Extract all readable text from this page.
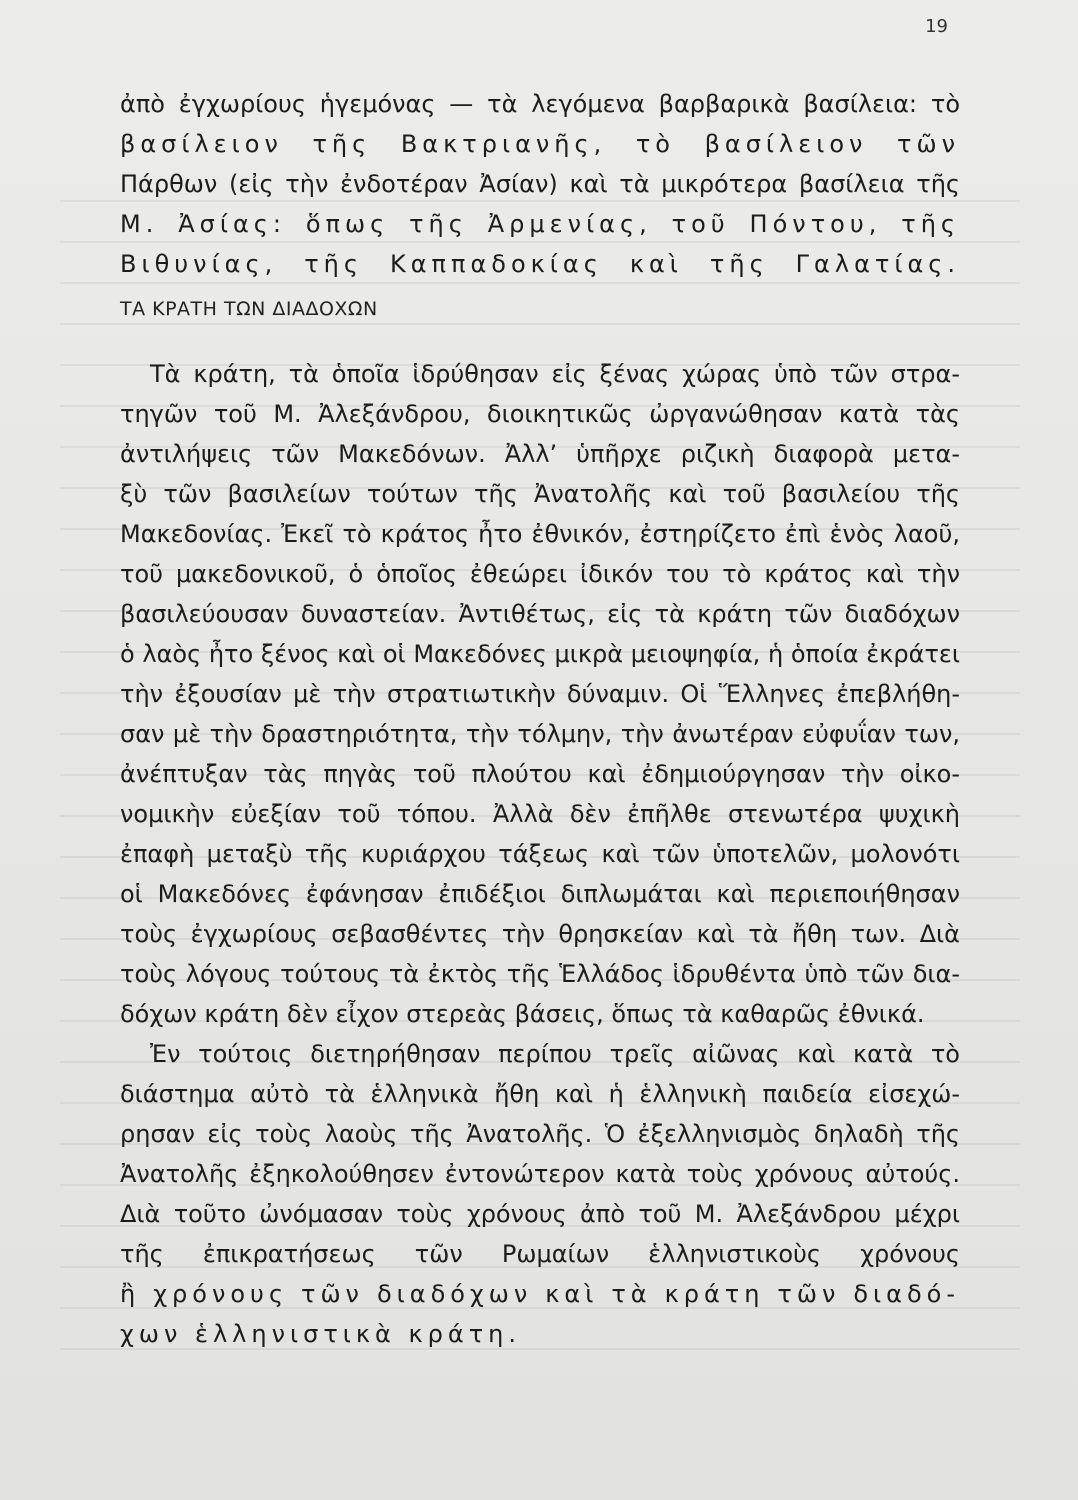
19
ἀπὸ ἐγχωρίους ἡγεμόνας — τὰ λεγόμενα βαρβαρικὰ βασίλεια: τὸ
βασίλειον τῆς Βακτριανῆς, τὸ βασίλειον τῶν
Πάρθων (εἰς τὴν ἐνδοτέραν Ἀσίαν) καὶ τὰ μικρότερα βασίλεια τῆς
Μ. Ἀσίας: ὅπως τῆς Ἀρμενίας, τοῦ Πόντου, τῆς
Βιθυνίας, τῆς Καππαδοκίας καὶ τῆς Γαλατίας.
ΤΑ ΚΡΑΤΗ ΤΩΝ ΔΙΑΔΟΧΩΝ
Τὰ κράτη, τὰ ὁποῖα ἱδρύθησαν εἰς ξένας χώρας ὑπὸ τῶν στρα-
τηγῶν τοῦ Μ. Ἀλεξάνδρου, διοικητικῶς ὠργανώθησαν κατὰ τὰς
ἀντιλήψεις τῶν Μακεδόνων. Ἀλλ’ ὑπῆρχε ριζικὴ διαφορὰ μετα-
ξὺ τῶν βασιλείων τούτων τῆς Ἀνατολῆς καὶ τοῦ βασιλείου τῆς
Μακεδονίας. Ἐκεῖ τὸ κράτος ἦτο ἐθνικόν, ἐστηρίζετο ἐπὶ ἑνὸς λαοῦ,
τοῦ μακεδονικοῦ, ὁ ὁποῖος ἐθεώρει ἰδικόν του τὸ κράτος καὶ τὴν
βασιλεύουσαν δυναστείαν. Ἀντιθέτως, εἰς τὰ κράτη τῶν διαδόχων
ὁ λαὸς ἦτο ξένος καὶ οἱ Μακεδόνες μικρὰ μειοψηφία, ἡ ὁποία ἐκράτει
τὴν ἐξουσίαν μὲ τὴν στρατιωτικὴν δύναμιν. Οἱ Ἕλληνες ἐπεβλήθη-
σαν μὲ τὴν δραστηριότητα, τὴν τόλμην, τὴν ἀνωτέραν εὐφυΐαν των,
ἀνέπτυξαν τὰς πηγὰς τοῦ πλούτου καὶ ἐδημιούργησαν τὴν οἰκο-
νομικὴν εὐεξίαν τοῦ τόπου. Ἀλλὰ δὲν ἐπῆλθε στενωτέρα ψυχικὴ
ἐπαφὴ μεταξὺ τῆς κυριάρχου τάξεως καὶ τῶν ὑποτελῶν, μολονότι
οἱ Μακεδόνες ἐφάνησαν ἐπιδέξιοι διπλωμάται καὶ περιεποιήθησαν
τοὺς ἐγχωρίους σεβασθέντες τὴν θρησκείαν καὶ τὰ ἤθη των. Διὰ
τοὺς λόγους τούτους τὰ ἐκτὸς τῆς Ἑλλάδος ἱδρυθέντα ὑπὸ τῶν δια-
δόχων κράτη δὲν εἶχον στερεὰς βάσεις, ὅπως τὰ καθαρῶς ἐθνικά.
Ἐν τούτοις διετηρήθησαν περίπου τρεῖς αἰῶνας καὶ κατὰ τὸ
διάστημα αὐτὸ τὰ ἑλληνικὰ ἤθη καὶ ἡ ἑλληνικὴ παιδεία εἰσεχώ-
ρησαν εἰς τοὺς λαοὺς τῆς Ἀνατολῆς. Ὁ ἐξελληνισμὸς δηλαδὴ τῆς
Ἀνατολῆς ἐξηκολούθησεν ἐντονώτερον κατὰ τοὺς χρόνους αὐτούς.
Διὰ τοῦτο ὠνόμασαν τοὺς χρόνους ἀπὸ τοῦ Μ. Ἀλεξάνδρου μέχρι
τῆς ἐπικρατήσεως τῶν Ρωμαίων ἑλληνιστικοὺς χρόνους
ἢ χρόνους τῶν διαδόχων καὶ τὰ κράτη τῶν διαδό-
χων ἑλληνιστικὰ κράτη.
